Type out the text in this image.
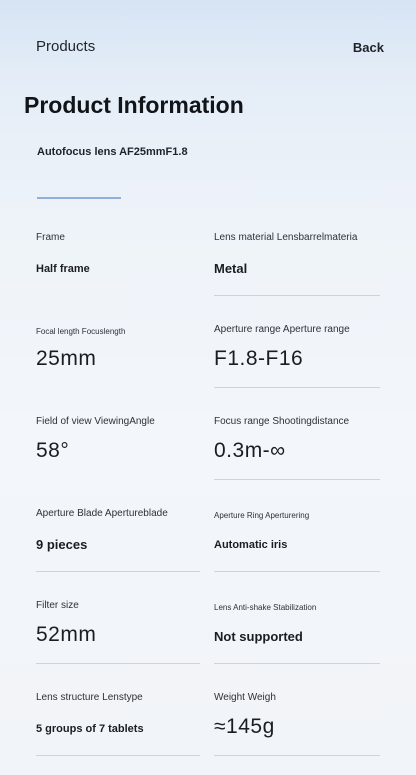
Products	Back
Product Information
Autofocus lens AF25mmF1.8
Frame
Half frame
Lens material Lensbarrelmateria
Metal
Focal length Focuslength
25mm
Aperture range Aperture range
F1.8-F16
Field of view ViewingAngle
58°
Focus range Shootingdistance
0.3m-∞
Aperture Blade Apertureblade
9 pieces
Aperture Ring Aperturering
Automatic iris
Filter size
52mm
Lens Anti-shake Stabilization
Not supported
Lens structure Lenstype
5 groups of 7 tablets
Weight Weigh
≈145g
